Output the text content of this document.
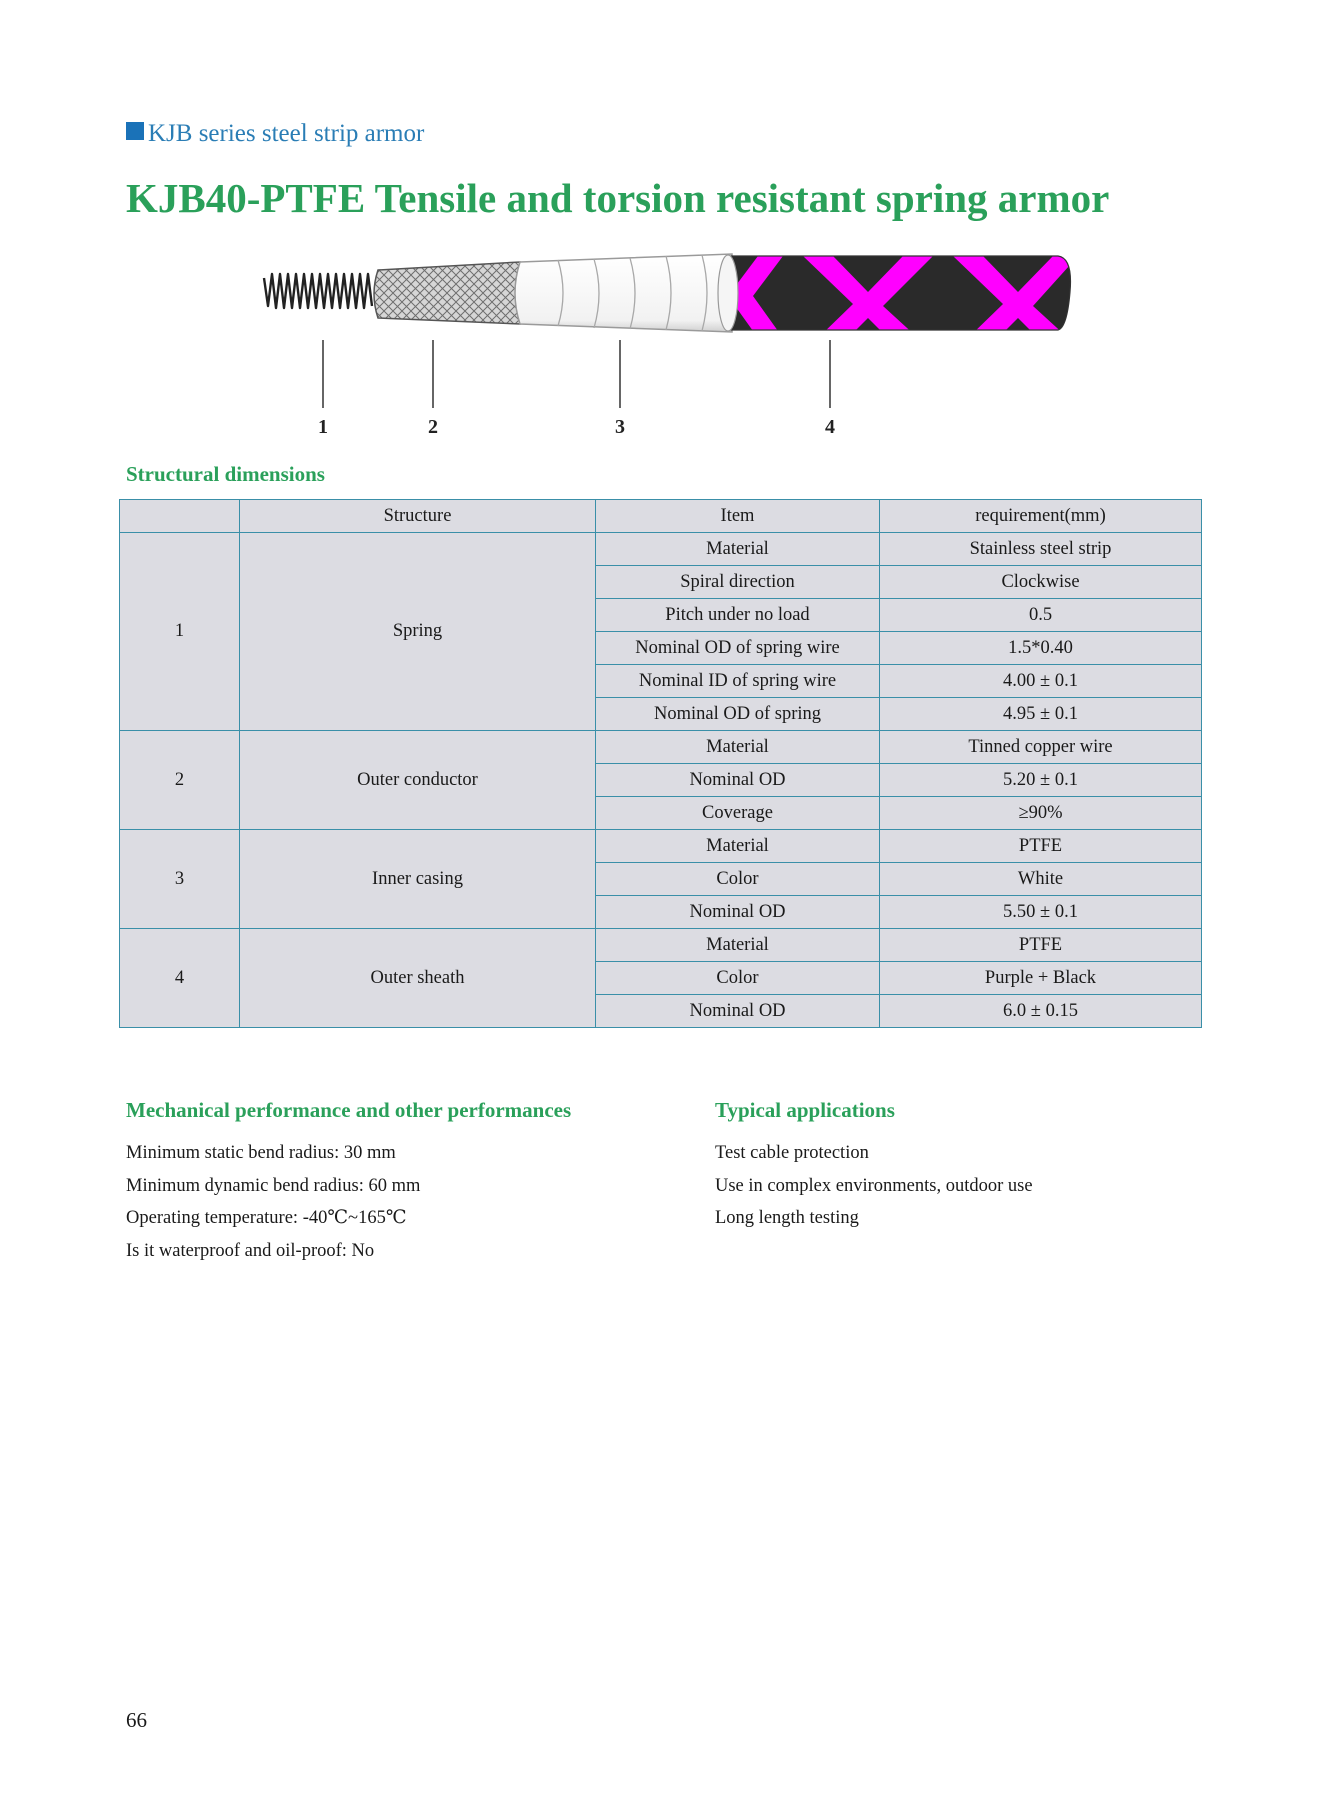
KJB series steel strip armor
KJB40-PTFE Tensile and torsion resistant spring armor
1	2	3	4
Structural dimensions
	Structure	Item	requirement(mm)
1	Spring	Material	Stainless steel strip
		Spiral direction	Clockwise
		Pitch under no load	0.5
		Nominal OD of spring wire	1.5*0.40
		Nominal ID of spring wire	4.00 ± 0.1
		Nominal OD of spring	4.95 ± 0.1
2	Outer conductor	Material	Tinned copper wire
		Nominal OD	5.20 ± 0.1
		Coverage	≥90%
3	Inner casing	Material	PTFE
		Color	White
		Nominal OD	5.50 ± 0.1
4	Outer sheath	Material	PTFE
		Color	Purple + Black
		Nominal OD	6.0 ± 0.15
Mechanical performance and other performances
Minimum static bend radius: 30 mm
Minimum dynamic bend radius: 60 mm
Operating temperature: -40℃~165℃
Is it waterproof and oil-proof: No
Typical applications
Test cable protection
Use in complex environments, outdoor use
Long length testing
66
